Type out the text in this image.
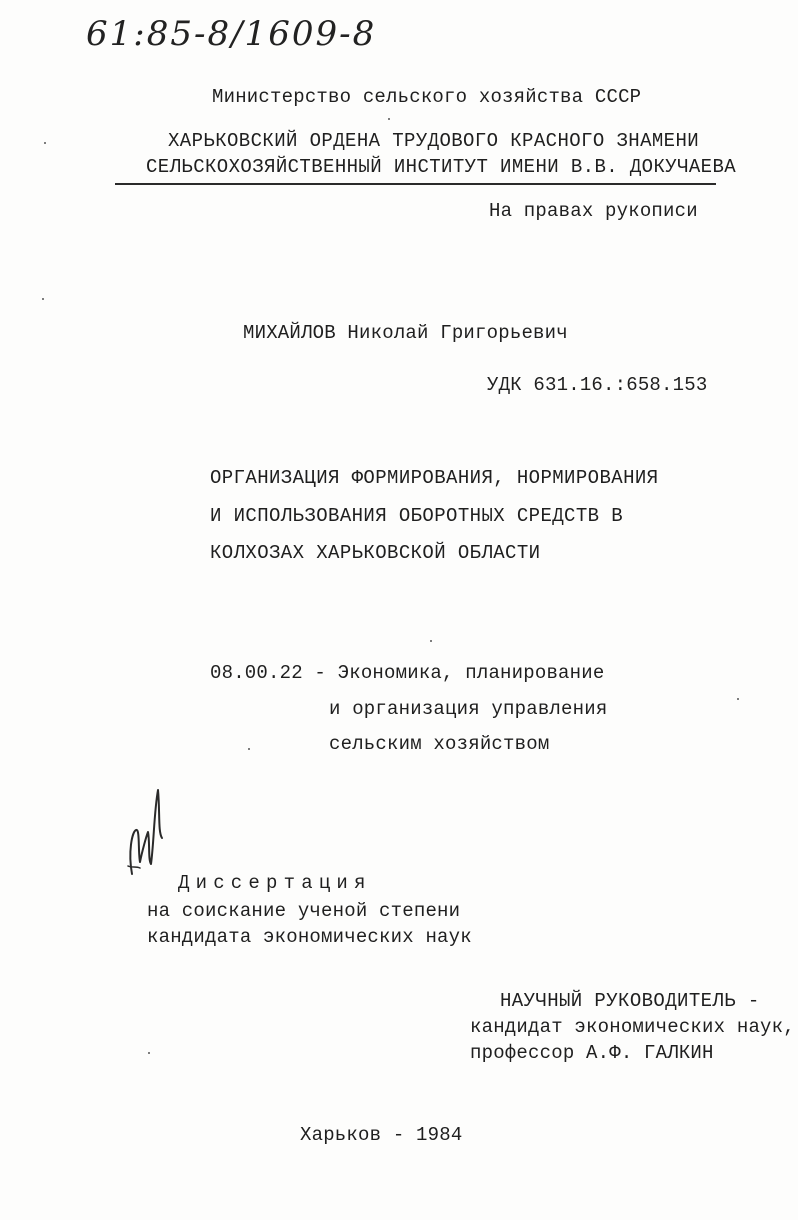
61:85-8/1609-8
Министерство сельского хозяйства СССР
ХАРЬКОВСКИЙ ОРДЕНА ТРУДОВОГО КРАСНОГО ЗНАМЕНИ
СЕЛЬСКОХОЗЯЙСТВЕННЫЙ ИНСТИТУТ ИМЕНИ В.В. ДОКУЧАЕВА
На правах рукописи
МИХАЙЛОВ Николай Григорьевич
УДК 631.16.:658.153
ОРГАНИЗАЦИЯ ФОРМИРОВАНИЯ, НОРМИРОВАНИЯ
И ИСПОЛЬЗОВАНИЯ ОБОРОТНЫХ СРЕДСТВ В
КОЛХОЗАХ ХАРЬКОВСКОЙ ОБЛАСТИ
08.00.22 - Экономика, планирование
и организация управления
сельским хозяйством
Диссертация
на соискание ученой степени
кандидата экономических наук
НАУЧНЫЙ РУКОВОДИТЕЛЬ -
кандидат экономических наук,
профессор А.Ф. ГАЛКИН
Харьков - 1984
